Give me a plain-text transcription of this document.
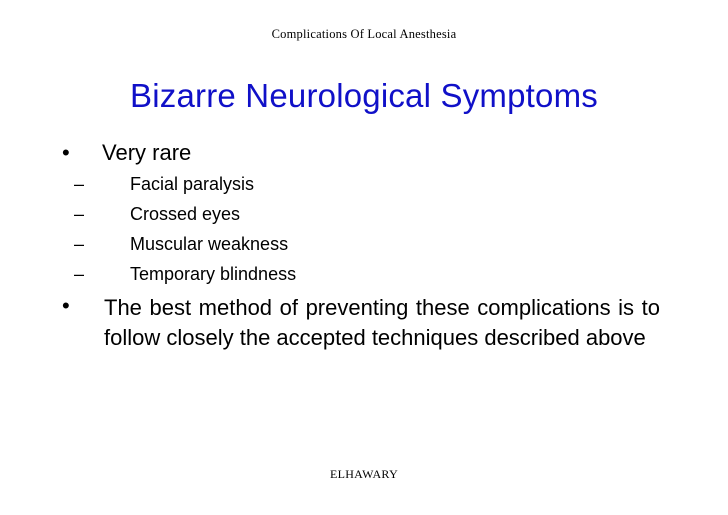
Complications Of Local Anesthesia
Bizarre Neurological Symptoms
•	Very rare
–	Facial paralysis
–	Crossed eyes
–	Muscular weakness
–	Temporary blindness
•	The best method of preventing these complications is to follow closely the accepted techniques described above
ELHAWARY
